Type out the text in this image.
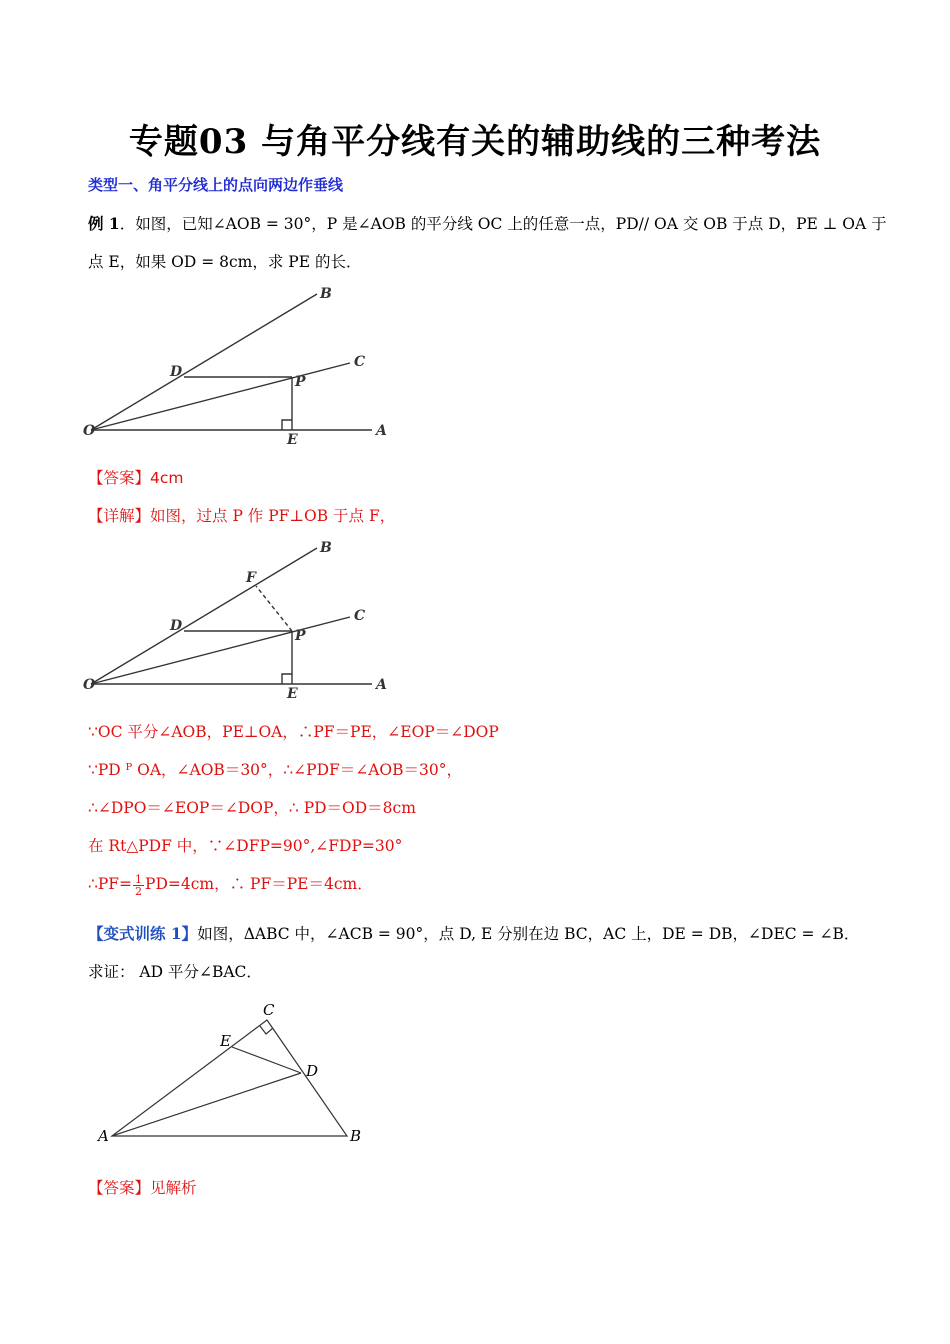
专题03 与角平分线有关的辅助线的三种考法
类型一、角平分线上的点向两边作垂线
例 1．如图，已知∠AOB = 30°，P 是∠AOB 的平分线 OC 上的任意一点，PD// OA 交 OB 于点 D，PE ⊥ OA 于
点 E，如果 OD = 8cm，求 PE 的长．
B
C
D
P
O
E
A
【答案】4cm
【详解】如图，过点 P 作 PF⊥OB 于点 F，
B
F
C
D
P
O
E
A
∵OC 平分∠AOB，PE⊥OA，∴PF＝PE，∠EOP＝∠DOP
∵PD ᴾ OA，∠AOB＝30°，∴∠PDF＝∠AOB＝30°，
∴∠DPO＝∠EOP＝∠DOP，∴ PD＝OD＝8cm
在 Rt△PDF 中，∵∠DFP=90°,∠FDP=30°
∴PF= $\frac{1}{2} PD=4cm$，∴ PF＝PE＝4cm．
【变式训练 1】如图，ΔABC 中，∠ACB = 90°，点 D, E 分别在边 BC，AC 上，DE = DB，∠DEC = ∠B．
求证： AD 平分∠BAC．
C
E
D
A	B
【答案】见解析
